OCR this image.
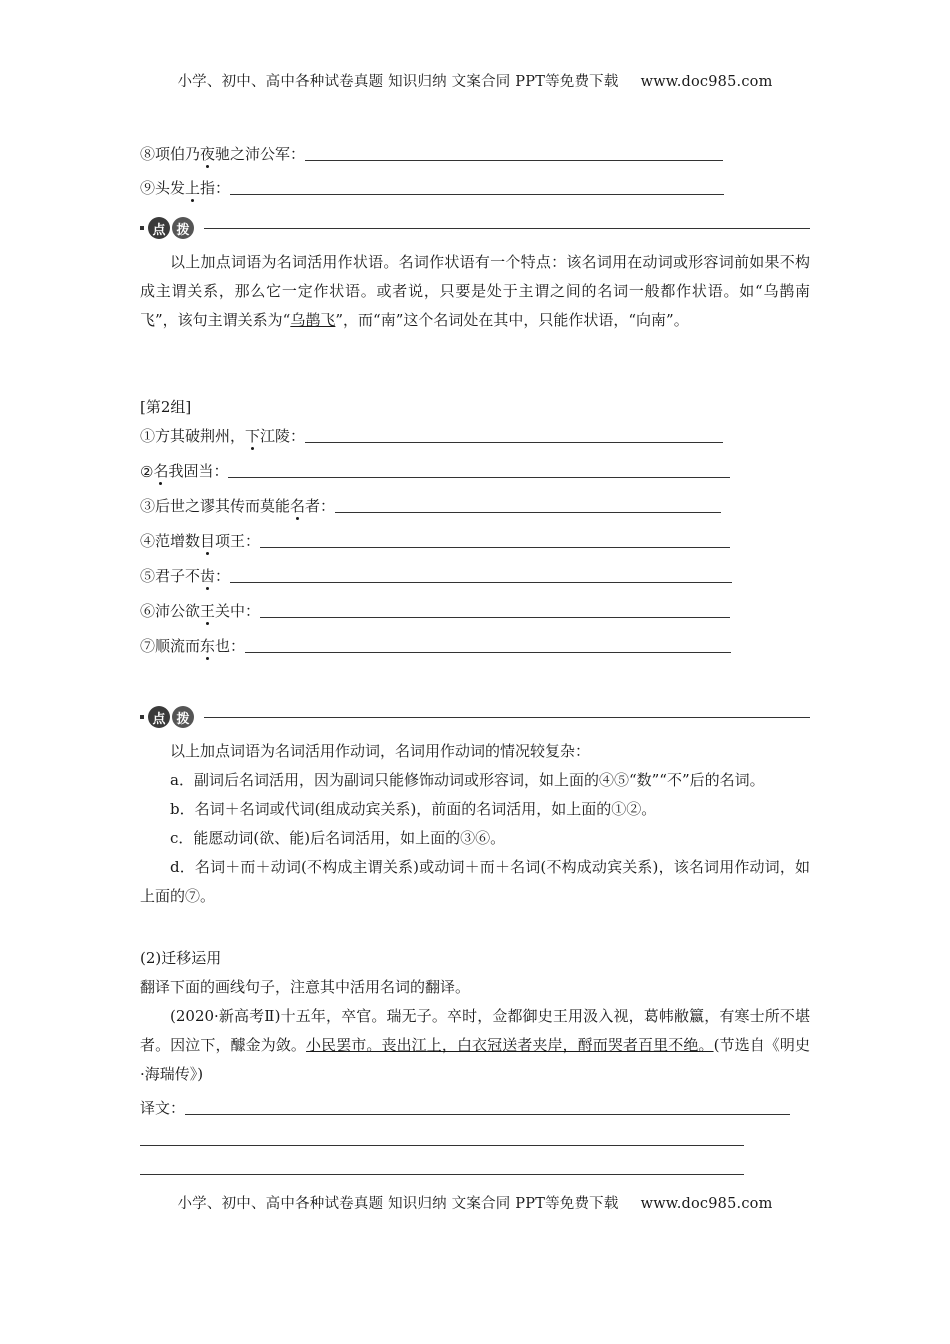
小学、初中、高中各种试卷真题 知识归纳 文案合同 PPT等免费下载 www.doc985.com
⑧项伯乃 夜 驰之沛公军：
⑨头发 上 指：
点 拨

以上加点词语为名词活用作状语。名词作状语有一个特点：该名词用在动词或形容词前如果不构成主谓关系，那么它一定作状语。或者说，只要是处于主谓之间的名词一般都作状语。如“乌鹊南飞”，该句主谓关系为“乌鹊飞”，而“南”这个名词处在其中，只能作状语，“向南”。

[第2组]
①方其破荆州， 下 江陵：
② 名 我固当：
③后世之谬其传而莫能 名 者：
④范增数 目 项王：
⑤君子不 齿 ：
⑥沛公欲 王 关中：
⑦顺流而 东 也：
点 拨

以上加点词语为名词活用作动词，名词用作动词的情况较复杂：

a．副词后名词活用，因为副词只能修饰动词或形容词，如上面的④⑤“数”“不”后的名词。

b．名词＋名词或代词(组成动宾关系)，前面的名词活用，如上面的①②。

c．能愿动词(欲、能)后名词活用，如上面的③⑥。

d．名词＋而＋动词(不构成主谓关系)或动词＋而＋名词(不构成动宾关系)，该名词用作动词，如上面的⑦。

(2)迁移运用

翻译下面的画线句子，注意其中活用名词的翻译。

(2020·新高考Ⅱ)十五年，卒官。瑞无子。卒时，佥都御史王用汲入视，葛帏敝籝，有寒士所不堪者。因泣下，醵金为敛。小民罢市。丧出江上，白衣冠送者夹岸，酹而哭者百里不绝。(节选自《明史·海瑞传》)

译文：
小学、初中、高中各种试卷真题 知识归纳 文案合同 PPT等免费下载 www.doc985.com
